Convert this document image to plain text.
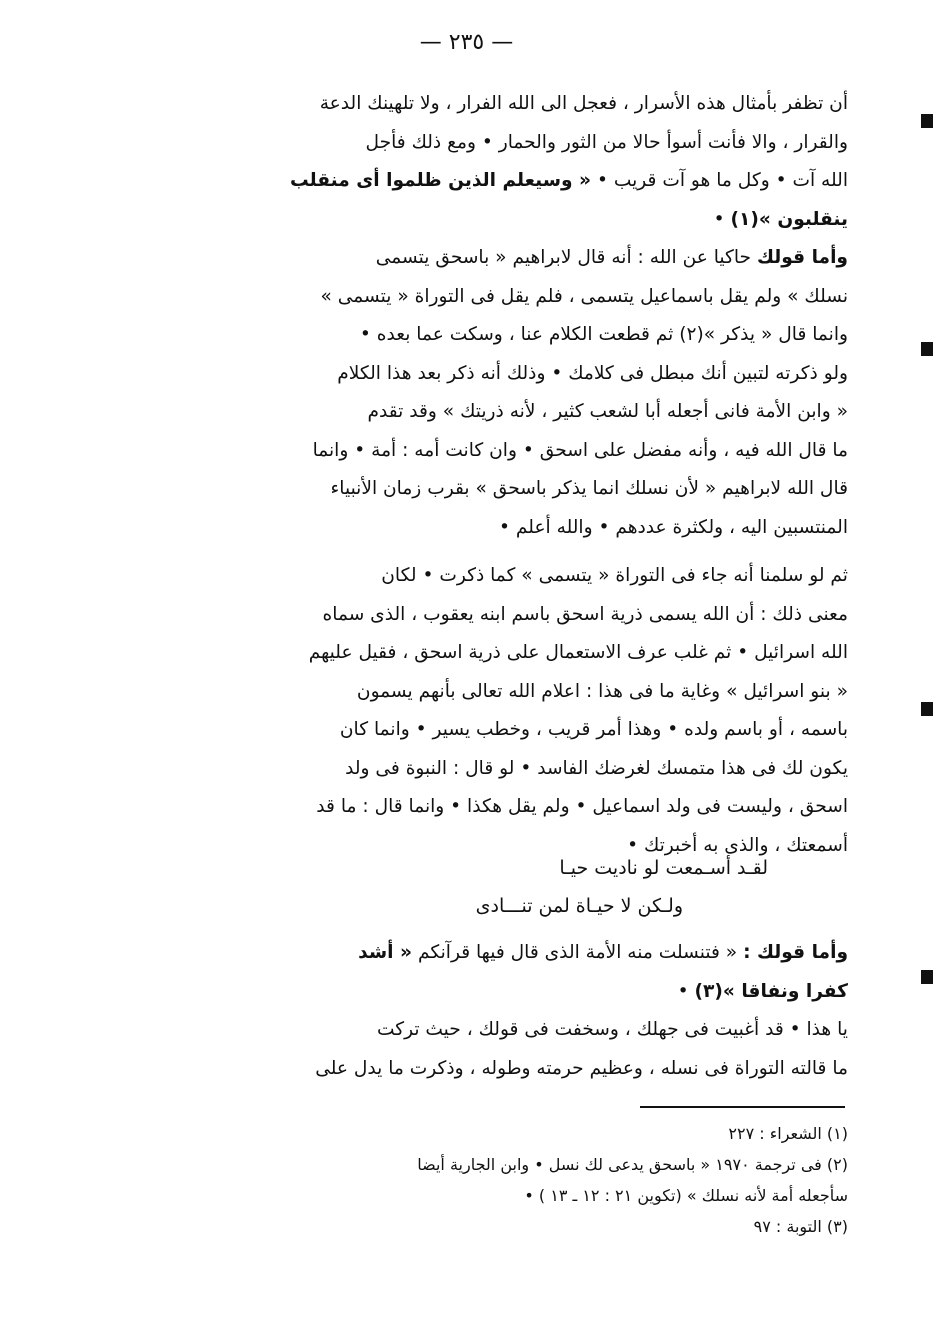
— ٢٣٥ —
أن تظفر بأمثال هذه الأسرار ، فعجل الى الله الفرار ، ولا تلهينك الدعة
والقرار ، والا فأنت أسوأ حالا من الثور والحمار • ومع ذلك فأجل
الله آت • وكل ما هو آت قريب • « وسيعلم الذين ظلموا أى منقلب
ينقلبون »(١) •
وأما قولك حاكيا عن الله : أنه قال لابراهيم « باسحق يتسمى
نسلك » ولم يقل باسماعيل يتسمى ، فلم يقل فى التوراة « يتسمى »
وانما قال « يذكر »(٢) ثم قطعت الكلام عنا ، وسكت عما بعده •
ولو ذكرته لتبين أنك مبطل فى كلامك • وذلك أنه ذكر بعد هذا الكلام
« وابن الأمة فانى أجعله أبا لشعب كثير ، لأنه ذريتك » وقد تقدم
ما قال الله فيه ، وأنه مفضل على اسحق • وان كانت أمه : أمة • وانما
قال الله لابراهيم « لأن نسلك انما يذكر باسحق » بقرب زمان الأنبياء
المنتسبين اليه ، ولكثرة عددهم • والله أعلم •
ثم لو سلمنا أنه جاء فى التوراة « يتسمى » كما ذكرت • لكان
معنى ذلك : أن الله يسمى ذرية اسحق باسم ابنه يعقوب ، الذى سماه
الله اسرائيل • ثم غلب عرف الاستعمال على ذرية اسحق ، فقيل عليهم
« بنو اسرائيل » وغاية ما فى هذا : اعلام الله تعالى بأنهم يسمون
باسمه ، أو باسم ولده • وهذا أمر قريب ، وخطب يسير • وانما كان
يكون لك فى هذا متمسك لغرضك الفاسد • لو قال : النبوة فى ولد
اسحق ، وليست فى ولد اسماعيل • ولم يقل هكذا • وانما قال : ما قد
أسمعتك ، والذى به أخبرتك •
لقـد أسـمعت لو ناديت حيـا
ولـكن لا حيـاة لمن تنـــادى
وأما قولك : « فتنسلت منه الأمة الذى قال فيها قرآنكم « أشد
كفرا ونفاقا »(٣) •
يا هذا • قد أغبيت فى جهلك ، وسخفت فى قولك ، حيث تركت
ما قالته التوراة فى نسله ، وعظيم حرمته وطوله ، وذكرت ما يدل على
(١) الشعراء : ٢٢٧
(٢) فى ترجمة ١٩٧٠ « باسحق يدعى لك نسل • وابن الجارية أيضا
سأجعله أمة لأنه نسلك » (تكوين ٢١ : ١٢ ـ ١٣ ) •
(٣) التوبة : ٩٧
